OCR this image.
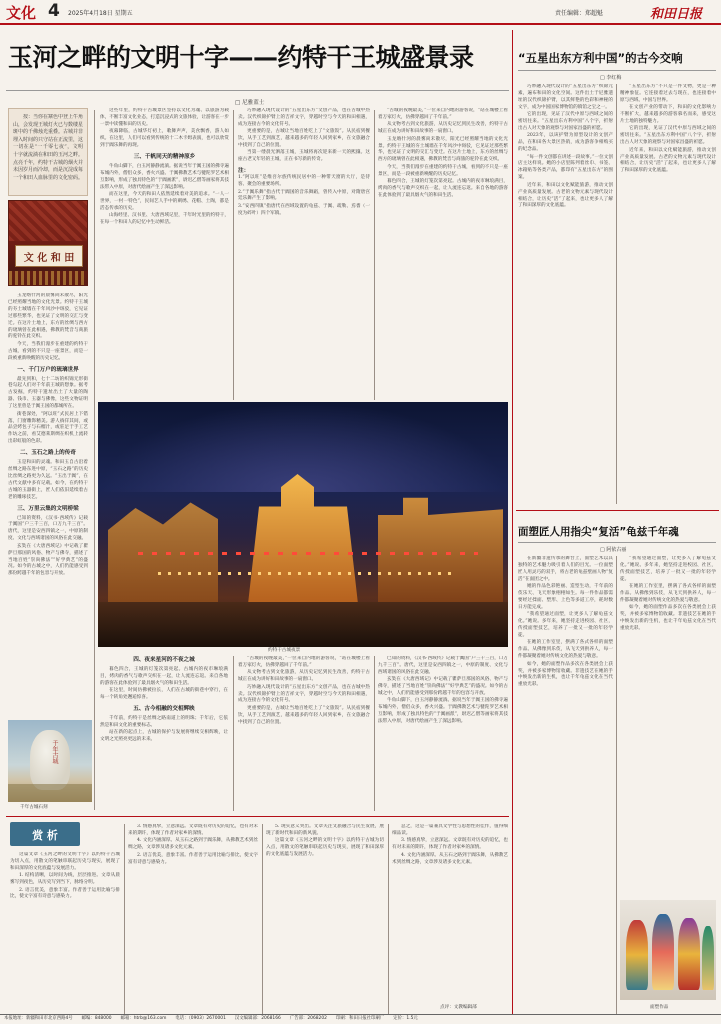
文化 4 2025年4月18日 星期五	责任编辑：郑超魁	和田日报
玉河之畔的文明十字——约特干王城盛景录
□ 尼雅蓝士
按：当你在寨色中登上牛角山，会发现王城灯火已与数缕星斑中的千佛烛光重叠。古城并非埋入时间的只守站在正流里，这一切在是“一千零七夜”，文明十字就流淌在和田的玉河之畔。点亮千年，约特干古城的烟火并未因岁月而冷却，而是沉淀成每一个和田人血脉里的文化密码。
文 化 和 田

玉龙喀什河的晨雾尚未散尽，阳光已经照耀当地的文化光景。约特干王城的夯土城墙在千年风沙中斑驳，它见证过那些繁华，也见证了文明的交汇与变迁。在这片土地上，东方的丝绸与西方的琉璃曾在此相遇，佛教的梵音与商旅的驼铃在此交织。

今天，当我们漫步在重建的约特干古城，看到的不只是一座景区，而是一段被重新唤醒的历史记忆。

一、千门万户的琉璃世界

最先到和，七十二坊的织锦无形街巷勾起人们对千年前王城的想象。据考古发掘，约特干遗址出土了大量的陶器、钱币、玉器与佛像，这些文物证明了这里曾是于阗王国的都城所在。

街巷深处，“阿以旺”式民居上下错落，门窗雕饰精美。游人徜徉其间，或品尝烤包子与石榴汁，或驻足于手工艺作坊之前，看艾德莱斯绸在织机上流转出彩虹般的色彩。

二、玉石之路上的传奇

玉是和田的灵魂。和田玉自古沿着丝绸之路东进中原，“玉石之路”的历史比丝绸之路更为久远。“玉出于阗”，在古代文献中多有记载。如今，在约特干古城的玉器街上，匠人们依旧延续着古老的雕琢技艺。

三、万里云集的文明桥梁

已知的资料，《汉书·西域传》记载于阗国“户三千三百，口万九千三百”。唐代，这里是安西四镇之一，中原的制度、文化与西域诸国的风俗在此交融。

玄奘在《大唐西域记》中记载了瞿萨旦那国的风俗、物产与佛寺，描述了当地百姓“崇尚佛法”“好学典艺”的盛况。如今的古城之中，人们仍能感受到那份跨越千年的包容与开放。

千年古城
千年古城石刻

这些年里，约特干古城景区坚持以文化为魂、以旅游为载体，不断丰富文化业态，打造沉浸式的文旅体验，让游客在一步一景中读懂和田的历史。

夜幕降临，古城华灯初上，歌舞声声，美食飘香，游人如织。在这里，人们可以看到传统的十二木卡姆表演，也可以欣赏到于阗乐舞的再现。

三、千帆同天的精神原乡

牛角山脚下，白玉河静静流淌。据说当年于阗王国的佛寺遍布城内外，僧侣众多，香火兴盛。于阗佛教艺术与犍陀罗艺术相互影响，形成了独具特色的“于阗画派”，尉迟乙僧等画家将其技法带入中原，对唐代绘画产生了深远影响。

而在这里，今天的和田人依然延续着对美的追求。“一人一世界，一村一特色”，民间艺人手中的刺绣、花帽、土陶，都是活态传承的历史。

山海经里、汉书里、大唐西域记里，千年时光里的约特干，在每一个和田人的记忆中生动鲜活。

巧妙融入现代设计的“五星出东方”文创产品，也在古城中热卖。汉代织锦护臂上的吉祥文字，穿越时空与今天的和田相遇，成为连接古今的文化符号。

更重要的是，古城让当地百姓吃上了“文旅饭”。从民宿到餐饮，从手工艺到演艺，越来越多的年轻人回到家乡，在文旅融合中找到了自己的位置。

当第一缕晨光洒落王城，玉城将再次迎来新一天的熙攘。这座古老又年轻的王城，正在书写新的传奇。

注：

1.“阿以旺”是维吾尔族传统民居中的一种带天窗的大厅，是待客、聚会的重要场所。

2.“于阗乐舞”指古代于阗国的音乐舞蹈，曾传入中原，对隋唐宫廷乐舞产生了影响。

3.“安西四镇”指唐代在西域设置的龟兹、于阗、疏勒、焉耆（一度为碎叶）四个军镇。

“古城的夜晚最美，”一位来自内地的游客说，“站在城楼上看着万家灯火，仿佛穿越回了千年前。”

从文物考古到文化旅游，从历史记忆到民生改善，约特干古城正在成为讲好和田故事的一扇窗口。

玉龙喀什河的晨雾尚未散尽，阳光已经照耀当地的文化光景。约特干王城的夯土城墙在千年风沙中斑驳，它见证过那些繁华，也见证了文明的交汇与变迁。在这片土地上，东方的丝绸与西方的琉璃曾在此相遇，佛教的梵音与商旅的驼铃在此交织。

今天，当我们漫步在重建的约特干古城，看到的不只是一座景区，而是一段被重新唤醒的历史记忆。

暮色四合，王城的灯笼次第亮起。古城内的夜市琳琅满目，烤肉的香气与歌声交织在一起，让人流连忘返。来自各地的游客在此体验到了最具烟火气的和田生活。

约特干古城夜景
四、夜来星河的不夜之城

暮色四合，王城的灯笼次第亮起。古城内的夜市琳琅满目，烤肉的香气与歌声交织在一起，让人流连忘返。来自各地的游客在此体验到了最具烟火气的和田生活。

在这里，时间仿佛被拉长，人们在古城的街巷中穿行，在每一个转角处邂逅惊喜。

五、古今相融的交相辉映

千年前，约特干是丝绸之路南道上的明珠；千年后，它依然是和田文化的重要标志。

站在新的起点上，古城的保护与发展将继续交相辉映，让文明之光照亮更远的未来。

“古城的夜晚最美，”一位来自内地的游客说，“站在城楼上看着万家灯火，仿佛穿越回了千年前。”

从文物考古到文化旅游，从历史记忆到民生改善，约特干古城正在成为讲好和田故事的一扇窗口。

巧妙融入现代设计的“五星出东方”文创产品，也在古城中热卖。汉代织锦护臂上的吉祥文字，穿越时空与今天的和田相遇，成为连接古今的文化符号。

更重要的是，古城让当地百姓吃上了“文旅饭”。从民宿到餐饮，从手工艺到演艺，越来越多的年轻人回到家乡，在文旅融合中找到了自己的位置。

已知的资料，《汉书·西域传》记载于阗国“户三千三百，口万九千三百”。唐代，这里是安西四镇之一，中原的制度、文化与西域诸国的风俗在此交融。

玄奘在《大唐西域记》中记载了瞿萨旦那国的风俗、物产与佛寺，描述了当地百姓“崇尚佛法”“好学典艺”的盛况。如今的古城之中，人们仍能感受到那份跨越千年的包容与开放。

牛角山脚下，白玉河静静流淌。据说当年于阗王国的佛寺遍布城内外，僧侣众多，香火兴盛。于阗佛教艺术与犍陀罗艺术相互影响，形成了独具特色的“于阗画派”，尉迟乙僧等画家将其技法带入中原，对唐代绘画产生了深远影响。

赏 析

这篇文章《玉河之畔的文明十字》以约特干古城为切入点，用散文的笔触串联起历史与现实，展现了和田深厚的文化底蕴与发展活力。

1. 结构清晰，以时间为线，层层推进。文章从晨雾写到夜色，从历史写到当下，脉络分明。

2. 语言优美，意象丰富。作者善于运用比喻与排比，使文字富有诗意与感染力。

3. 情感真挚，立意深远。文章既有对历史的追忆，也有对未来的期许，体现了作者对家乡的深情。

4. 文化内涵深厚。从玉石之路到于阗乐舞，从佛教艺术到丝绸之路，文章涉及诸多文化元素。

2. 语言优美，意象丰富。作者善于运用比喻与排比，使文字富有诗意与感染力。

5. 现实意义突出。文章关注文旅融合与民生发展，展现了新时代和田的新风貌。

这篇文章《玉河之畔的文明十字》以约特干古城为切入点，用散文的笔触串联起历史与现实，展现了和田深厚的文化底蕴与发展活力。

总之，这是一篇兼具文学性与思想性的佳作，值得细细品读。

3. 情感真挚，立意深远。文章既有对历史的追忆，也有对未来的期许，体现了作者对家乡的深情。

4. 文化内涵深厚。从玉石之路到于阗乐舞，从佛教艺术到丝绸之路，文章涉及诸多文化元素。

点评：文教编辑部
“五星出东方利中国”的古今交响
□ 李红梅

巧妙融入现代设计的“五星出东方”织锦元素，遍布和田的文化空间。这件出土于尼雅遗址的汉代织锦护臂，以其鲜艳的色彩和神秘的文字，成为中国国家博物馆的镇馆之宝之一。

它的出现，见证了汉代中原与西域之间的密切往来。“五星出东方利中国”八个字，折射出古人对天象的观察与对国家昌盛的祈愿。

2023年，以该护臂为原型设计的文创产品，在和田各大景区热销，成为游客争相购买的纪念品。

“每一件文创都在讲述一段故事。”一位文创店主这样说。她的小店里陈列着丝巾、书签、冰箱贴等各类产品，都印有“五星出东方”的图案。

近年来，和田以文化赋能旅游，推动文创产业高质量发展。古老的文物元素与现代设计相结合，让历史“活”了起来，也让更多人了解了和田深厚的文化底蕴。

“五星出东方”不只是一件文物，更是一种精神象征。它连接着过去与现在，也连接着中原与西域、中国与世界。

在文创产业的带动下，和田的文化影响力不断扩大，越来越多的游客慕名而来，感受这片土地的独特魅力。

它的出现，见证了汉代中原与西域之间的密切往来。“五星出东方利中国”八个字，折射出古人对天象的观察与对国家昌盛的祈愿。

近年来，和田以文化赋能旅游，推动文创产业高质量发展。古老的文物元素与现代设计相结合，让历史“活”了起来，也让更多人了解了和田深厚的文化底蕴。

面塑匠人用指尖“复活”龟兹千年魂
□ 阿依古丽

在新疆非遗传承的舞台上，面塑艺术以其独特的艺术魅力吸引着人们的目光。一位面塑匠人用灵巧的双手，将古老的龟兹壁画人物“复活”在面团之中。

她的作品色彩艳丽、造型生动，千年前的伎乐天、飞天形象栩栩如生。每一件作品都需要经过揉面、塑形、上色等多道工序，耗时数日方能完成。

“我希望通过面塑，让更多人了解龟兹文化。”她说。多年来，她坚持走进校园、社区，传授面塑技艺，培养了一批又一批的年轻学徒。

在她的工作室里，摆满了各式各样的面塑作品。从佛像到乐伎，从飞天到供养人，每一件都凝聚着她对传统文化的热爱与敬意。

如今，她的面塑作品多次在各类展会上获奖，并被多家博物馆收藏。非遗技艺在她的手中焕发出新的生机，也让千年龟兹文化在当代重放光彩。

“我希望通过面塑，让更多人了解龟兹文化。”她说。多年来，她坚持走进校园、社区，传授面塑技艺，培养了一批又一批的年轻学徒。

在她的工作室里，摆满了各式各样的面塑作品。从佛像到乐伎，从飞天到供养人，每一件都凝聚着她对传统文化的热爱与敬意。

如今，她的面塑作品多次在各类展会上获奖，并被多家博物馆收藏。非遗技艺在她的手中焕发出新的生机，也让千年龟兹文化在当代重放光彩。

面塑作品
本报地址：新疆和田市北京西路4号 邮编：848000 邮箱：htrb@163.com 电话：（0903）2670001 汉文编辑部：2068166 广告部：2068202 印刷：和田日报社印刷厂 定价：1.5元
